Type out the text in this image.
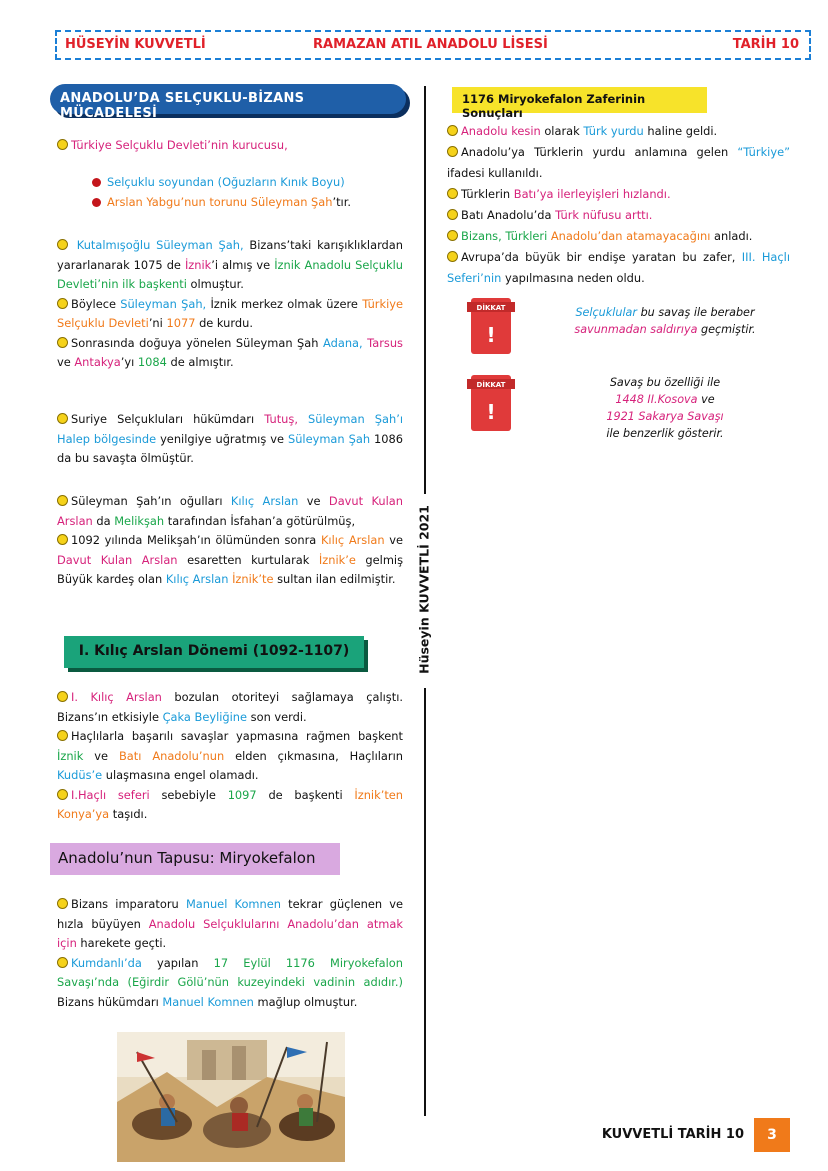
HÜSEYİN KUVVETLİ	RAMAZAN ATIL ANADOLU LİSESİ	TARİH 10
ANADOLU’DA SELÇUKLU-BİZANS MÜCADELESİ
Türkiye Selçuklu Devleti’nin kurucusu,
Selçuklu soyundan (Oğuzların Kınık Boyu)
Arslan Yabgu’nun torunu Süleyman Şah’tır.
Kutalmışoğlu Süleyman Şah, Bizans’taki karışıklıklardan yararlanarak 1075 de İznik’i almış ve İznik Anadolu Selçuklu Devleti’nin ilk başkenti olmuştur.
Böylece Süleyman Şah, İznik merkez olmak üzere Türkiye Selçuklu Devleti’ni 1077 de kurdu.
Sonrasında doğuya yönelen Süleyman Şah Adana, Tarsus ve Antakya’yı 1084 de almıştır.
Suriye Selçukluları hükümdarı Tutuş, Süleyman Şah’ı Halep bölgesinde yenilgiye uğratmış ve Süleyman Şah 1086 da bu savaşta ölmüştür.
Süleyman Şah’ın oğulları Kılıç Arslan ve Davut Kulan Arslan da Melikşah tarafından İsfahan’a götürülmüş,
1092 yılında Melikşah’ın ölümünden sonra Kılıç Arslan ve Davut Kulan Arslan esaretten kurtularak İznik’e gelmiş Büyük kardeş olan Kılıç Arslan İznik’te sultan ilan edilmiştir.
I. Kılıç Arslan Dönemi (1092-1107)
I. Kılıç Arslan bozulan otoriteyi sağlamaya çalıştı. Bizans’ın etkisiyle Çaka Beyliğine son verdi.
Haçlılarla başarılı savaşlar yapmasına rağmen başkent İznik ve Batı Anadolu’nun elden çıkmasına, Haçlıların Kudüs’e ulaşmasına engel olamadı.
I.Haçlı seferi sebebiyle 1097 de başkenti İznik’ten Konya’ya taşıdı.
Anadolu’nun Tapusu: Miryokefalon
Bizans imparatoru Manuel Komnen tekrar güçlenen ve hızla büyüyen Anadolu Selçuklularını Anadolu’dan atmak için harekete geçti.
Kumdanlı’da yapılan 17 Eylül 1176 Miryokefalon Savaşı’nda (Eğirdir Gölü’nün kuzeyindeki vadinin adıdır.) Bizans hükümdarı Manuel Komnen mağlup olmuştur.
Hüseyin KUVVETLİ 2021
1176 Miryokefalon Zaferinin Sonuçları
Anadolu kesin olarak Türk yurdu haline geldi.
Anadolu’ya Türklerin yurdu anlamına gelen “Türkiye” ifadesi kullanıldı.
Türklerin Batı’ya ilerleyişleri hızlandı.
Batı Anadolu’da Türk nüfusu arttı.
Bizans, Türkleri Anadolu’dan atamayacağını anladı.
Avrupa’da büyük bir endişe yaratan bu zafer, III. Haçlı Seferi’nin yapılmasına neden oldu.
DİKKAT
!
Selçuklular bu savaş ile beraber savunmadan saldırıya geçmiştir.
DİKKAT
!
Savaş bu özelliği ile
1448 II.Kosova ve
1921 Sakarya Savaşı
ile benzerlik gösterir.
KUVVETLİ TARİH 10	3
